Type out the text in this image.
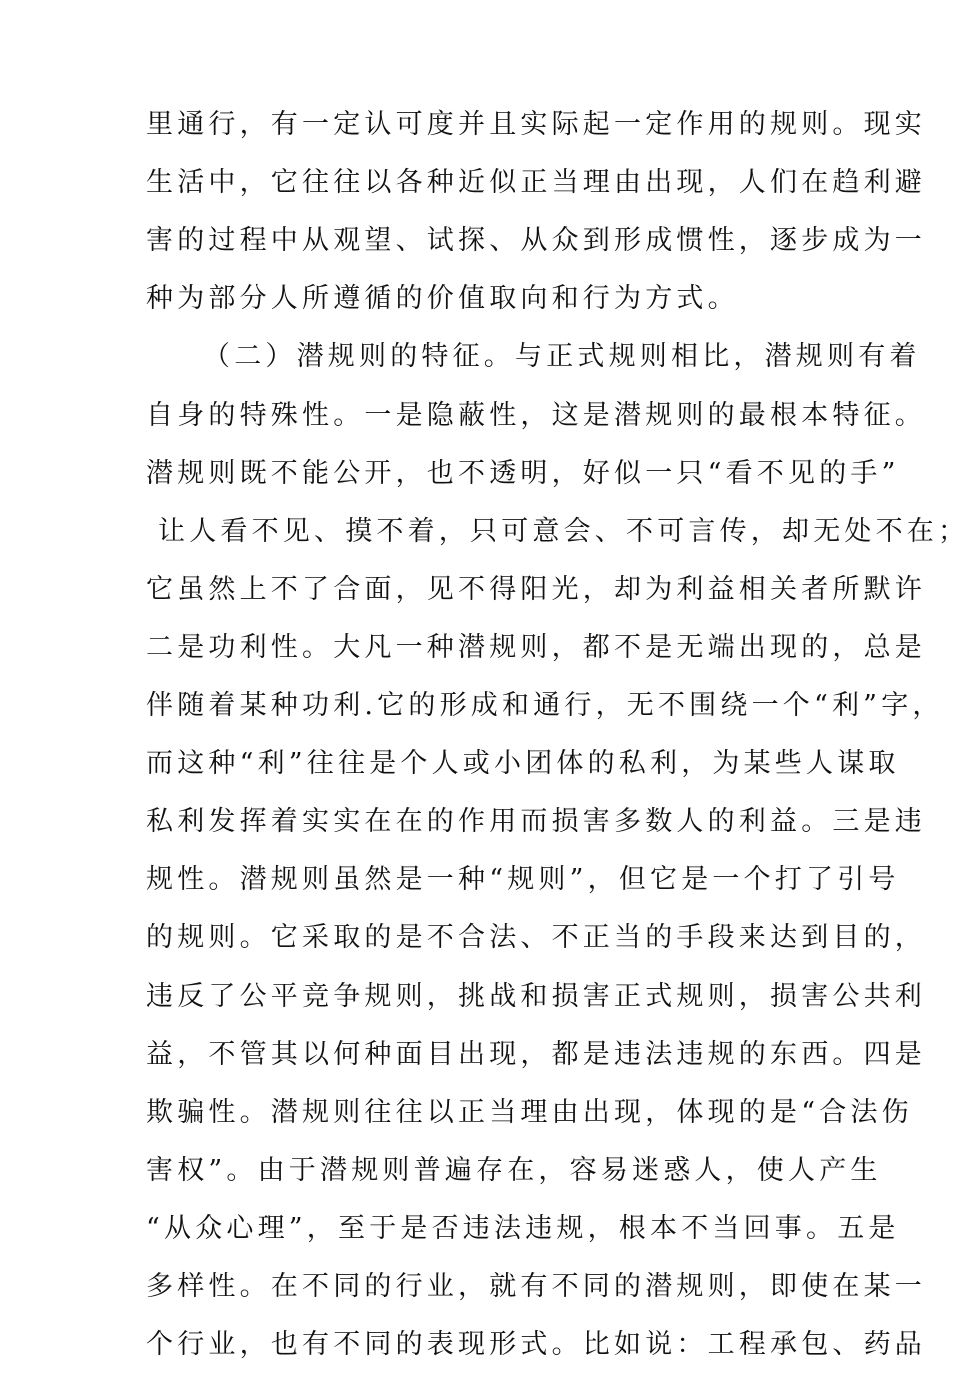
里通行，有一定认可度并且实际起一定作用的规则。现实
生活中，它往往以各种近似正当理由出现，人们在趋利避
害的过程中从观望、试探、从众到形成惯性，逐步成为一
种为部分人所遵循的价值取向和行为方式。
（二）潜规则的特征。与正式规则相比，潜规则有着
自身的特殊性。一是隐蔽性，这是潜规则的最根本特征。
潜规则既不能公开，也不透明，好似一只“看不见的手”
让人看不见、摸不着，只可意会、不可言传，却无处不在；
它虽然上不了合面，见不得阳光，却为利益相关者所默许
二是功利性。大凡一种潜规则，都不是无端出现的，总是
伴随着某种功利.它的形成和通行，无不围绕一个“利”字，
而这种“利”往往是个人或小团体的私利，为某些人谋取
私利发挥着实实在在的作用而损害多数人的利益。三是违
规性。潜规则虽然是一种“规则”，但它是一个打了引号
的规则。它采取的是不合法、不正当的手段来达到目的，
违反了公平竞争规则，挑战和损害正式规则，损害公共利
益，不管其以何种面目出现，都是违法违规的东西。四是
欺骗性。潜规则往往以正当理由出现，体现的是“合法伤
害权”。由于潜规则普遍存在，容易迷惑人，使人产生
“从众心理”，至于是否违法违规，根本不当回事。五是
多样性。在不同的行业，就有不同的潜规则，即使在某一
个行业，也有不同的表现形式。比如说：工程承包、药品
